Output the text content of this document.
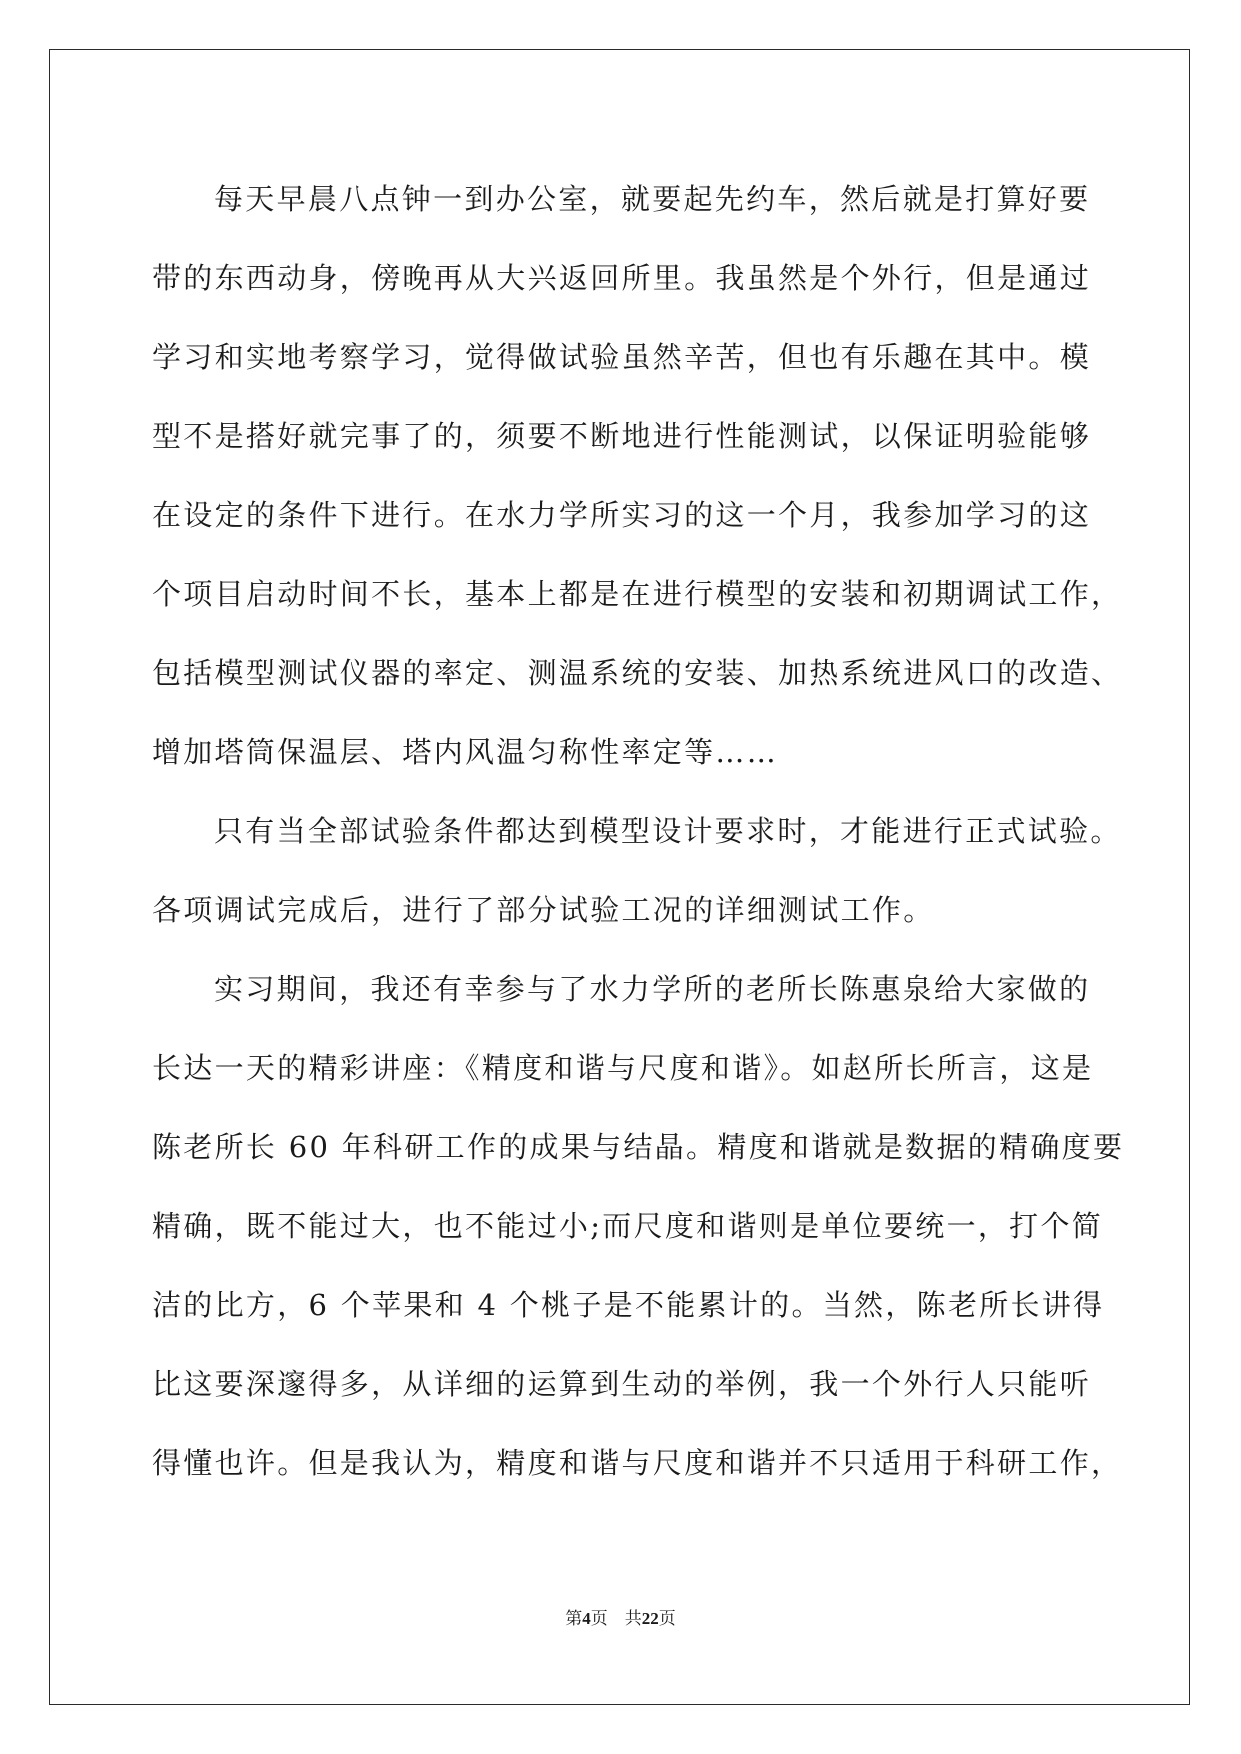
每天早晨八点钟一到办公室，就要起先约车，然后就是打算好要
带的东西动身，傍晚再从大兴返回所里。我虽然是个外行，但是通过
学习和实地考察学习，觉得做试验虽然辛苦，但也有乐趣在其中。模
型不是搭好就完事了的，须要不断地进行性能测试，以保证明验能够
在设定的条件下进行。在水力学所实习的这一个月，我参加学习的这
个项目启动时间不长，基本上都是在进行模型的安装和初期调试工作，
包括模型测试仪器的率定、测温系统的安装、加热系统进风口的改造、
增加塔筒保温层、塔内风温匀称性率定等……
只有当全部试验条件都达到模型设计要求时，才能进行正式试验。
各项调试完成后，进行了部分试验工况的详细测试工作。
实习期间，我还有幸参与了水力学所的老所长陈惠泉给大家做的
长达一天的精彩讲座：《精度和谐与尺度和谐》。如赵所长所言，这是
陈老所长 60 年科研工作的成果与结晶。精度和谐就是数据的精确度要
精确，既不能过大，也不能过小;而尺度和谐则是单位要统一，打个简
洁的比方，6 个苹果和 4 个桃子是不能累计的。当然，陈老所长讲得
比这要深邃得多，从详细的运算到生动的举例，我一个外行人只能听
得懂也许。但是我认为，精度和谐与尺度和谐并不只适用于科研工作，
第4页 共22页
